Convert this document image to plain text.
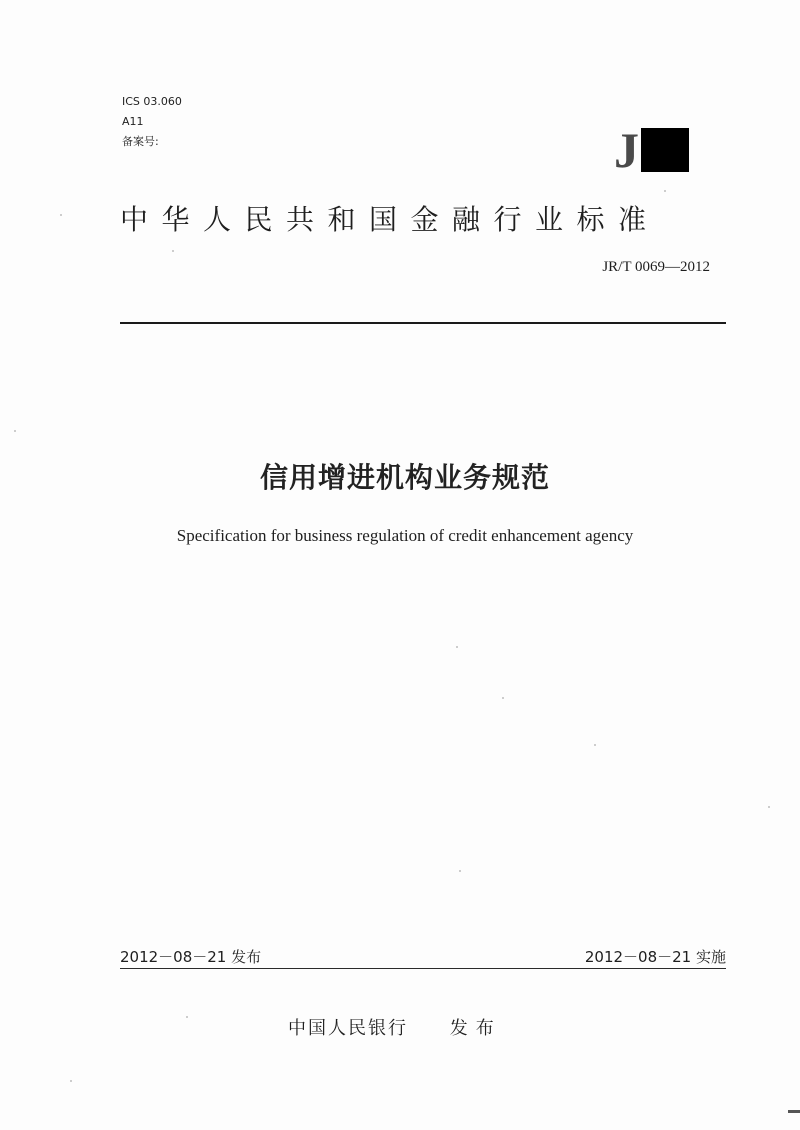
ICS 03.060
A11
备案号:	J
中华人民共和国金融行业标准
JR/T 0069—2012
信用增进机构业务规范
Specification for business regulation of credit enhancement agency
2012－08－21 发布	2012－08－21 实施
中国人民银行 发布
